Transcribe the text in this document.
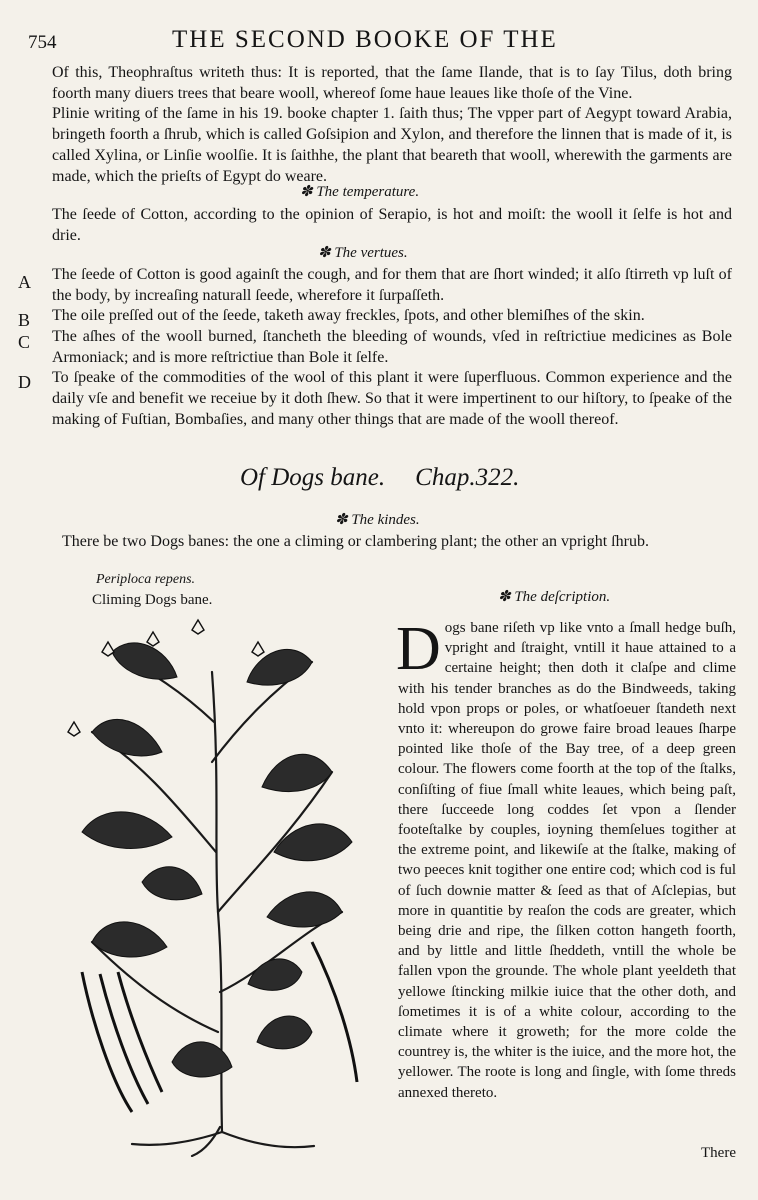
754	THE SECOND BOOKE OF THE
Of this, Theophraſtus writeth thus: It is reported, that the ſame Ilande, that is to ſay Tilus, doth bring foorth many diuers trees that beare wooll, whereof ſome haue leaues like thoſe of the Vine.
Plinie writing of the ſame in his 19. booke chapter 1. ſaith thus; The vpper part of Aegypt toward Arabia, bringeth foorth a ſhrub, which is called Goſsipion and Xylon, and therefore the linnen that is made of it, is called Xylina, or Linſie woolſie. It is ſaithhe, the plant that beareth that wooll, wherewith the garments are made, which the prieſts of Egypt do weare.
✽ The temperature.
The ſeede of Cotton, according to the opinion of Serapio, is hot and moiſt: the wooll it ſelfe is hot and drie.
✽ The vertues.
A The ſeede of Cotton is good againſt the cough, and for them that are ſhort winded; it alſo ſtirreth vp luſt of the body, by increaſing naturall ſeede, wherefore it ſurpaſſeth.
B The oile preſſed out of the ſeede, taketh away freckles, ſpots, and other blemiſhes of the skin.
C The aſhes of the wooll burned, ſtancheth the bleeding of wounds, vſed in reſtrictiue medicines as Bole Armoniack; and is more reſtrictiue than Bole it ſelfe.
D To ſpeake of the commodities of the wool of this plant it were ſuperfluous. Common experience and the daily vſe and benefit we receiue by it doth ſhew. So that it were impertinent to our hiſtory, to ſpeake of the making of Fuſtian, Bombaſies, and many other things that are made of the wooll thereof.
Of Dogs bane. Chap.322.
✽ The kindes.
There be two Dogs banes: the one a climing or clambering plant; the other an vpright ſhrub.
Periploca repens.
Climing Dogs bane.	✽ The deſcription.
D ogs bane riſeth vp like vnto a ſmall hedge buſh, vpright and ſtraight, vntill it haue attained to a certaine height; then doth it claſpe and clime with his tender branches as do the Bindweeds, taking hold vpon props or poles, or whatſoeuer ſtandeth next vnto it: whereupon do growe faire broad leaues ſharpe pointed like thoſe of the Bay tree, of a deep green colour. The flowers come foorth at the top of the ſtalks, conſiſting of fiue ſmall white leaues, which being paſt, there ſucceede long coddes ſet vpon a ſlender footeſtalke by couples, ioyning themſelues togither at the extreme point, and likewiſe at the ſtalke, making of two peeces knit togither one entire cod; which cod is ful of ſuch downie matter & ſeed as that of Aſclepias, but more in quantitie by reaſon the cods are greater, which being drie and ripe, the ſilken cotton hangeth foorth, and by little and little ſheddeth, vntill the whole be fallen vpon the grounde. The whole plant yeeldeth that yellowe ſtincking milkie iuice that the other doth, and ſometimes it is of a white colour, according to the climate where it groweth; for the more colde the countrey is, the whiter is the iuice, and the more hot, the yellower. The roote is long and ſingle, with ſome threds annexed thereto.
There
